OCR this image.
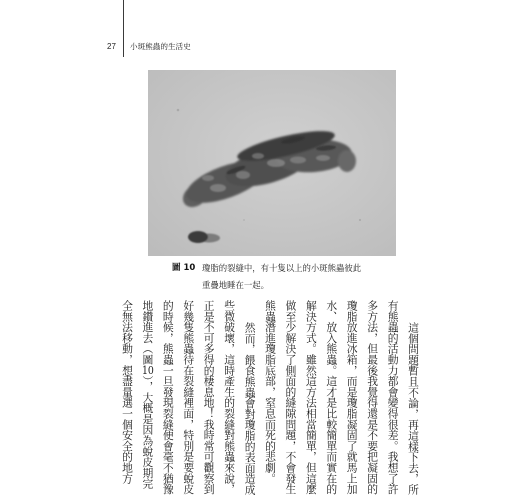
27 小斑熊蟲的生活史
圖 10 瓊脂的裂縫中，有十隻以上的小斑熊蟲彼此
重疊地睡在一起。
這個問題暫且不論，再這樣下去，所
有熊蟲的活動力都會變得很差。我想了許
多方法，但最後我覺得還是不要把凝固的
瓊脂放進冰箱，而是瓊脂凝固了就馬上加
水、放入熊蟲。這才是比較簡單而實在的
解決方式。雖然這方法相當簡單，但這麼
做至少解決了側面的縫隙問題，不會發生
熊蟲潛進瓊脂底部，窒息而死的悲劇。
然而，餵食熊蟲會對瓊脂的表面造成
些微破壞，這時產生的裂縫對熊蟲來說，
正是不可多得的棲息地！我時常可觀察到
好幾隻熊蟲待在裂縫裡面，特別是要蛻皮
的時候，熊蟲一旦發現裂縫便會毫不猶豫
地鑽進去（圖10），大概是因為蛻皮期完
全無法移動，想盡量選一個安全的地方
